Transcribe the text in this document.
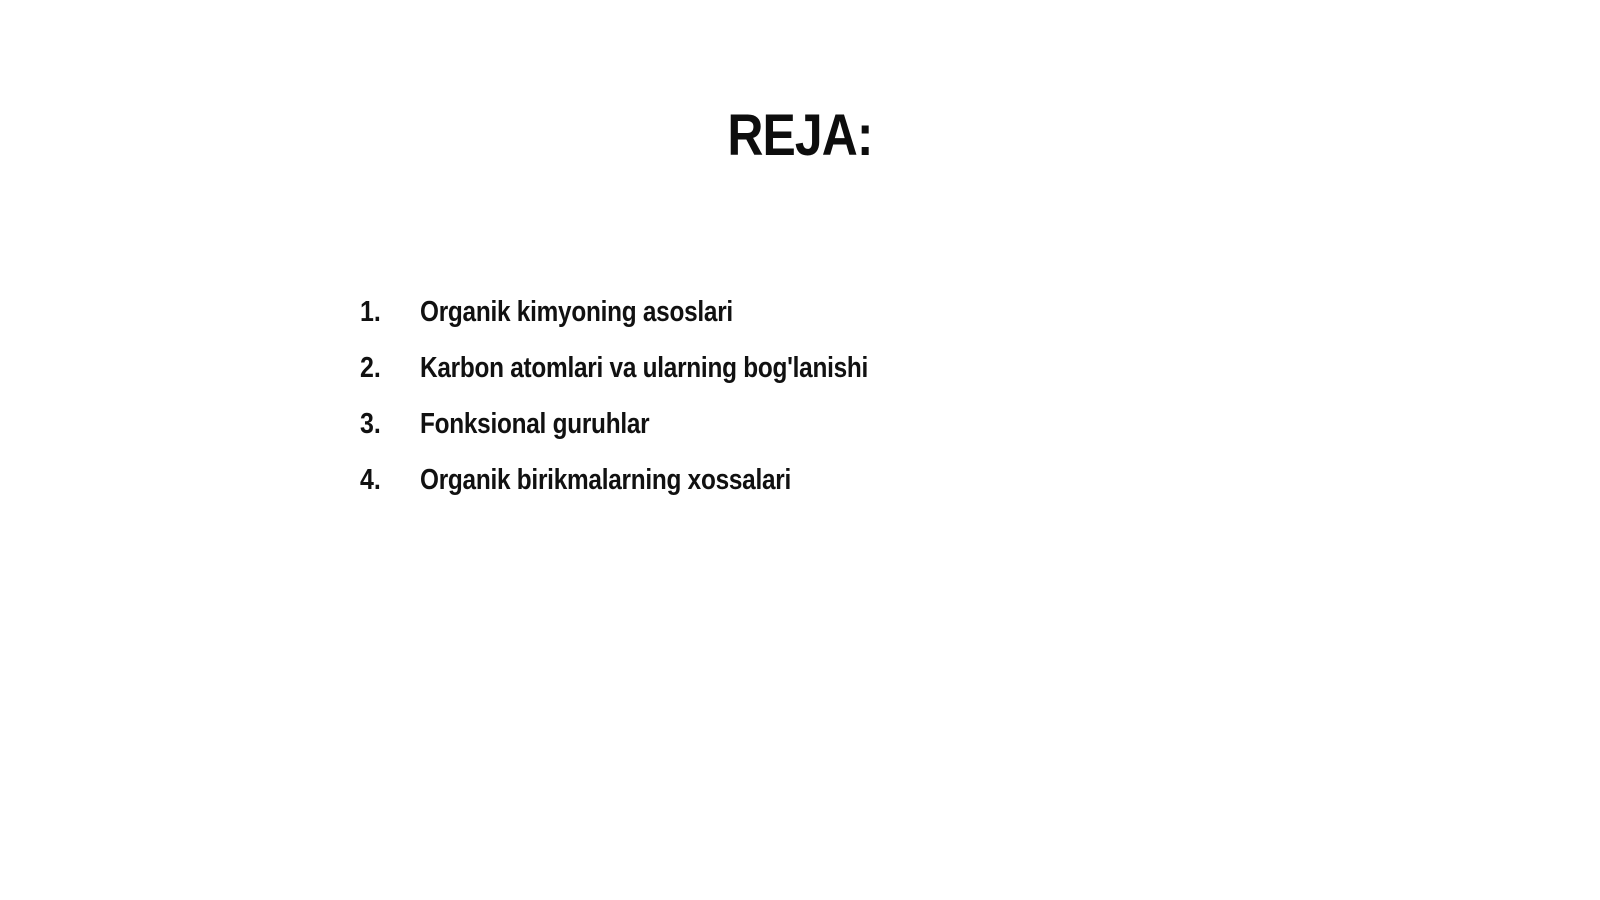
REJA:
1.	Organik kimyoning asoslari
2.	Karbon atomlari va ularning bog'lanishi
3.	Fonksional guruhlar
4.	Organik birikmalarning xossalari
